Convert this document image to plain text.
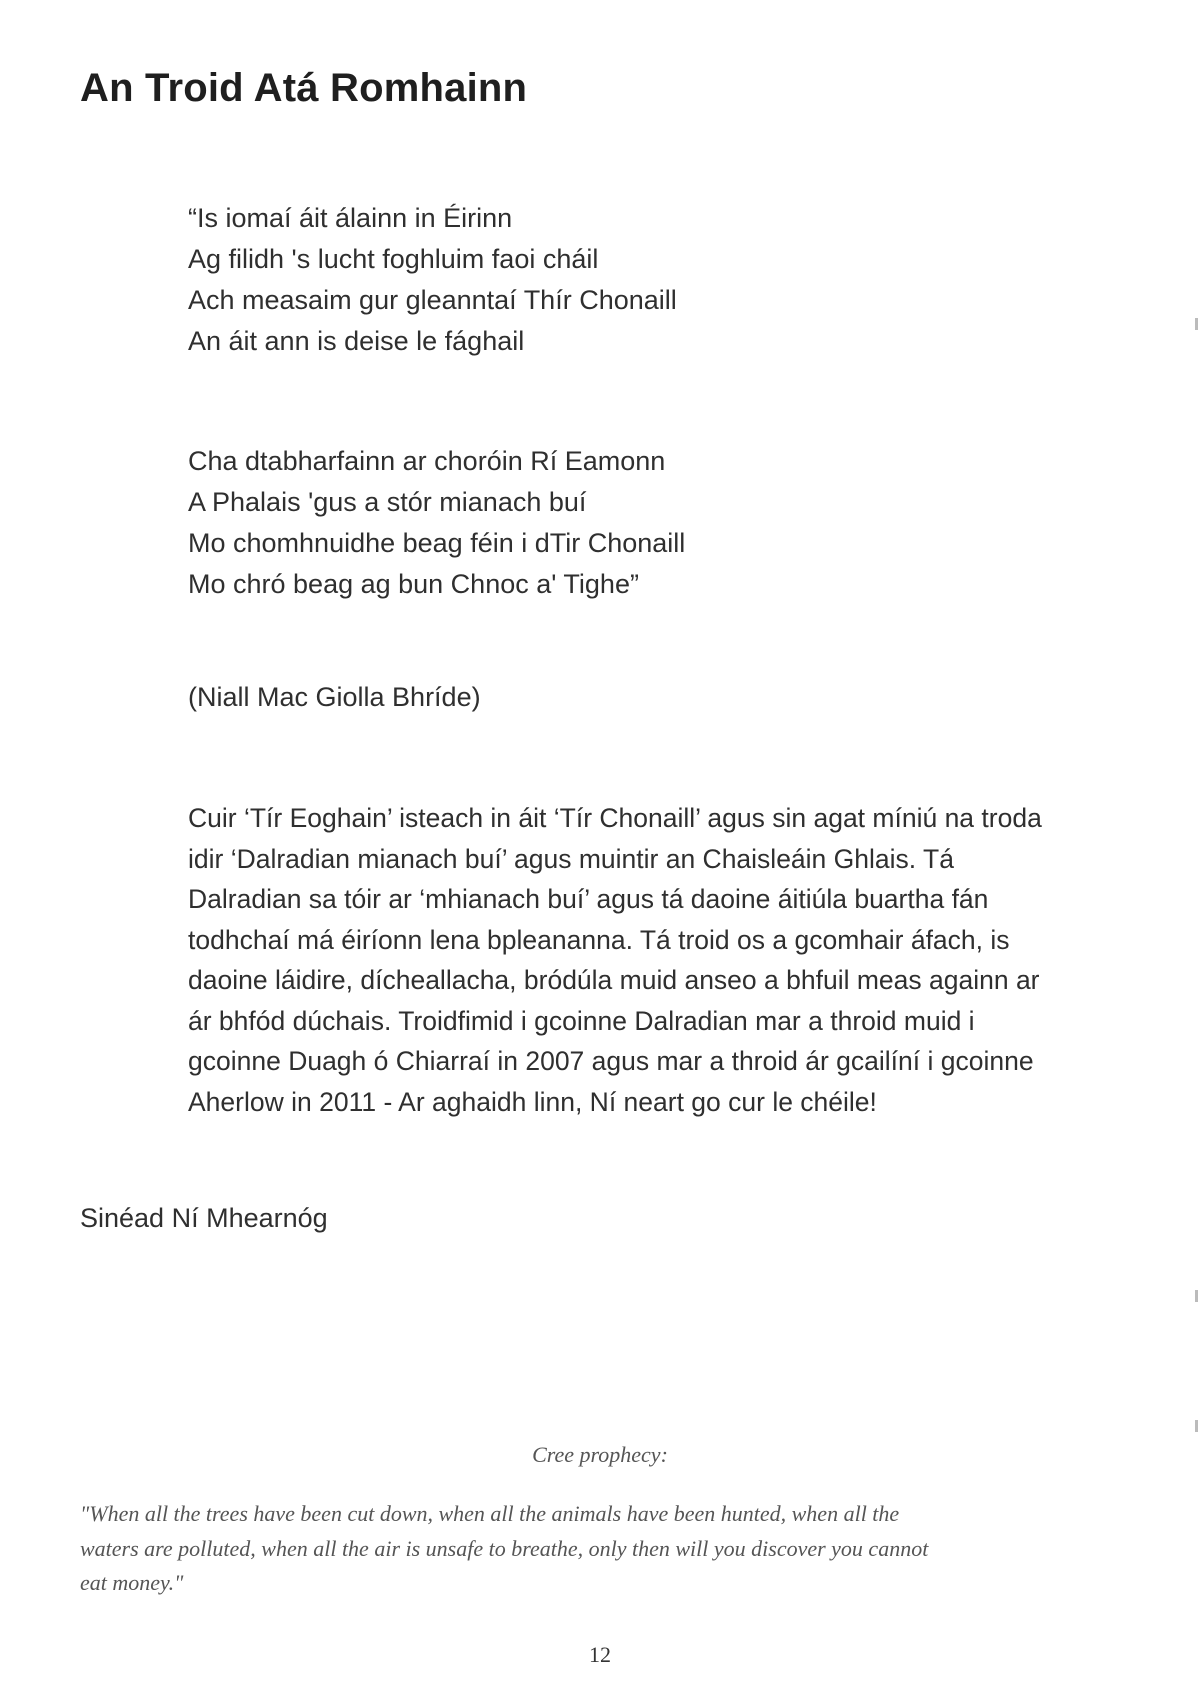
An Troid Atá Romhainn

“Is iomaí áit álainn in Éirinn
Ag filidh 's lucht foghluim faoi cháil
Ach measaim gur gleanntaí Thír Chonaill
An áit ann is deise le fághail

Cha dtabharfainn ar choróin Rí Eamonn
A Phalais 'gus a stór mianach buí
Mo chomhnuidhe beag féin i dTir Chonaill
Mo chró beag ag bun Chnoc a' Tighe”

(Niall Mac Giolla Bhríde)

Cuir ‘Tír Eoghain’ isteach in áit ‘Tír Chonaill’ agus sin agat míniú na troda
idir ‘Dalradian mianach buí’ agus muintir an Chaisleáin Ghlais. Tá
Dalradian sa tóir ar ‘mhianach buí’ agus tá daoine áitiúla buartha fán
todhchaí má éiríonn lena bpleananna. Tá troid os a gcomhair áfach, is
daoine láidire, dícheallacha, bródúla muid anseo a bhfuil meas againn ar
ár bhfód dúchais. Troidfimid i gcoinne Dalradian mar a throid muid i
gcoinne Duagh ó Chiarraí in 2007 agus mar a throid ár gcailíní i gcoinne
Aherlow in 2011 - Ar aghaidh linn, Ní neart go cur le chéile!

Sinéad Ní Mhearnóg

Cree prophecy:

"When all the trees have been cut down, when all the animals have been hunted, when all the
waters are polluted, when all the air is unsafe to breathe, only then will you discover you cannot
eat money."

12
